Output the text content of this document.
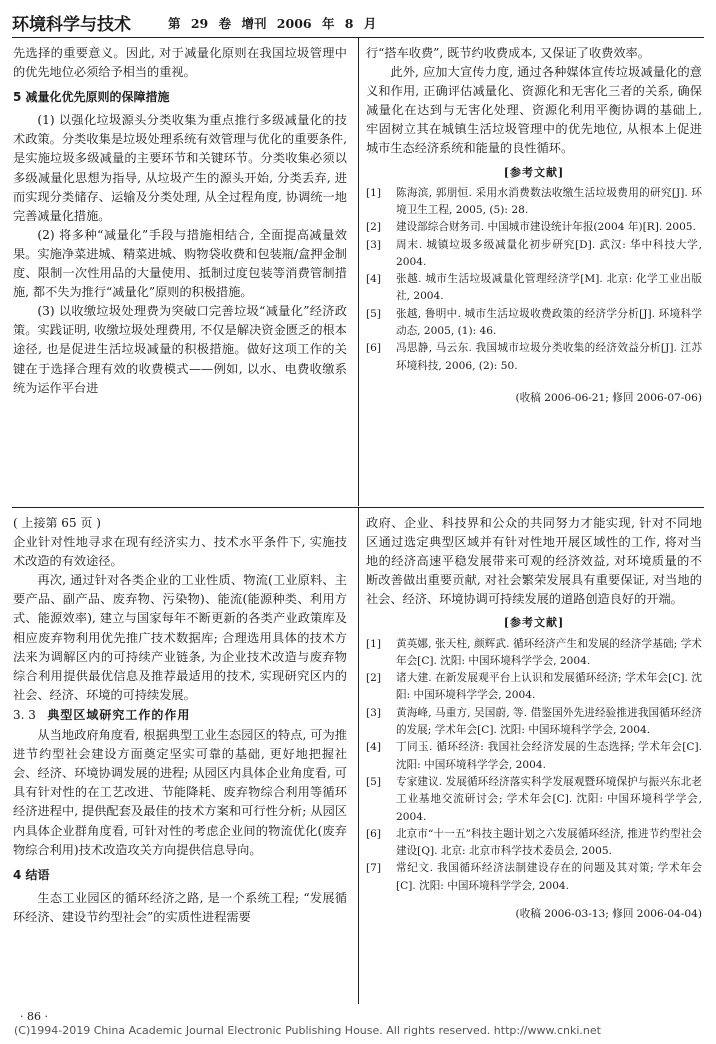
环境科学与技术	第 29 卷 增刊 2006 年 8 月

先选择的重要意义。因此, 对于减量化原则在我国垃圾管理中的优先地位必须给予相当的重视。

5 减量化优先原则的保障措施

(1) 以强化垃圾源头分类收集为重点推行多级减量化的技术政策。分类收集是垃圾处理系统有效管理与优化的重要条件, 是实施垃圾多级减量的主要环节和关键环节。分类收集必须以多级减量化思想为指导, 从垃圾产生的源头开始, 分类丢弃, 进而实现分类储存、运输及分类处理, 从全过程角度, 协调统一地完善减量化措施。

(2) 将多种“减量化”手段与措施相结合, 全面提高减量效果。实施净菜进城、精菜进城、购物袋收费和包装瓶/盒押金制度、限制一次性用品的大量使用、抵制过度包装等消费管制措施, 都不失为推行“减量化”原则的积极措施。

(3) 以收缴垃圾处理费为突破口完善垃圾“减量化”经济政策。实践证明, 收缴垃圾处理费用, 不仅是解决资金匮乏的根本途径, 也是促进生活垃圾减量的积极措施。做好这项工作的关键在于选择合理有效的收费模式——例如, 以水、电费收缴系统为运作平台进

行“搭车收费”, 既节约收费成本, 又保证了收费效率。

此外, 应加大宣传力度, 通过各种媒体宣传垃圾减量化的意义和作用, 正确评估减量化、资源化和无害化三者的关系, 确保减量化在达到与无害化处理、资源化利用平衡协调的基础上, 牢固树立其在城镇生活垃圾管理中的优先地位, 从根本上促进城市生态经济系统和能量的良性循环。

[参考文献]
[1] 陈海滨, 郭朋恒. 采用水消费数法收缴生活垃圾费用的研究[J]. 环境卫生工程, 2005, (5): 28.
[2] 建设部综合财务司. 中国城市建设统计年报(2004 年)[R]. 2005.
[3] 周末. 城镇垃圾多级减量化初步研究[D]. 武汉: 华中科技大学, 2004.
[4] 张越. 城市生活垃圾减量化管理经济学[M]. 北京: 化学工业出版社, 2004.
[5] 张越, 鲁明中. 城市生活垃圾收费政策的经济学分析[J]. 环境科学动态, 2005, (1): 46.
[6] 冯思静, 马云东. 我国城市垃圾分类收集的经济效益分析[J]. 江苏环境科技, 2006, (2): 50.
(收稿 2006-06-21; 修回 2006-07-06)
( 上接第 65 页 )

企业针对性地寻求在现有经济实力、技术水平条件下, 实施技术改造的有效途径。

再次, 通过针对各类企业的工业性质、物流(工业原料、主要产品、副产品、废弃物、污染物)、能流(能源种类、利用方式、能源效率), 建立与国家每年不断更新的各类产业政策库及相应废弃物利用优先推广技术数据库; 合理选用具体的技术方法来为调解区内的可持续产业链条, 为企业技术改造与废弃物综合利用提供最优信息及推荐最适用的技术, 实现研究区内的社会、经济、环境的可持续发展。

3. 3 典型区域研究工作的作用

从当地政府角度看, 根据典型工业生态园区的特点, 可为推进节约型社会建设方面奠定坚实可靠的基础, 更好地把握社会、经济、环境协调发展的进程; 从园区内具体企业角度看, 可具有针对性的在工艺改进、节能降耗、废弃物综合利用等循环经济进程中, 提供配套及最佳的技术方案和可行性分析; 从园区内具体企业群角度看, 可针对性的考虑企业间的物流优化(废弃物综合利用)技术改造攻关方向提供信息导向。

4 结语

生态工业园区的循环经济之路, 是一个系统工程; “发展循环经济、建设节约型社会”的实质性进程需要

政府、企业、科技界和公众的共同努力才能实现, 针对不同地区通过选定典型区域并有针对性地开展区域性的工作, 将对当地的经济高速平稳发展带来可观的经济效益, 对环境质量的不断改善做出重要贡献, 对社会繁荣发展具有重要保证, 对当地的社会、经济、环境协调可持续发展的道路创造良好的开端。

[参考文献]
[1] 黄英娜, 张天柱, 颜辉武. 循环经济产生和发展的经济学基础; 学术年会[C]. 沈阳: 中国环境科学学会, 2004.
[2] 诸大建. 在新发展观平台上认识和发展循环经济; 学术年会[C]. 沈阳: 中国环境科学学会, 2004.
[3] 黄海峰, 马重方, 吴国蔚, 等. 借鉴国外先进经验推进我国循环经济的发展; 学术年会[C]. 沈阳: 中国环境科学学会, 2004.
[4] 丁同玉. 循环经济: 我国社会经济发展的生态选择; 学术年会[C]. 沈阳: 中国环境科学学会, 2004.
[5] 专家建议. 发展循环经济落实科学发展观暨环境保护与振兴东北老工业基地交流研讨会; 学术年会[C]. 沈阳: 中国环境科学学会, 2004.
[6] 北京市“十一五”科技主题计划之六发展循环经济, 推进节约型社会建设[Q]. 北京: 北京市科学技术委员会, 2005.
[7] 常纪文. 我国循环经济法制建设存在的问题及其对策; 学术年会[C]. 沈阳: 中国环境科学学会, 2004.
(收稿 2006-03-13; 修回 2006-04-04)
· 86 ·
(C)1994-2019 China Academic Journal Electronic Publishing House. All rights reserved. http://www.cnki.net
